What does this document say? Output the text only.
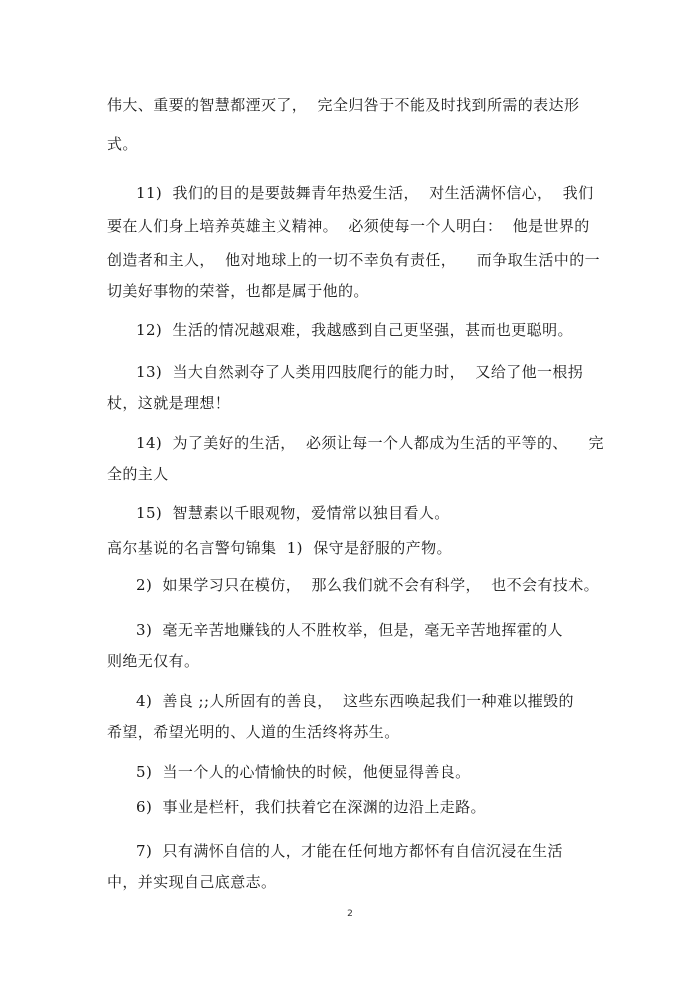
伟大、重要的智慧都湮灭了，  完全归咎于不能及时找到所需的表达形
式。
11)  我们的目的是要鼓舞青年热爱生活，  对生活满怀信心，  我们
要在人们身上培养英雄主义精神。  必须使每一个人明白：  他是世界的
创造者和主人，  他对地球上的一切不幸负有责任，    而争取生活中的一
切美好事物的荣誉，也都是属于他的。
12)  生活的情况越艰难，我越感到自己更坚强，甚而也更聪明。
13)  当大自然剥夺了人类用四肢爬行的能力时，  又给了他一根拐
杖，这就是理想！
14)  为了美好的生活，  必须让每一个人都成为生活的平等的、    完
全的主人
15)  智慧素以千眼观物，爱情常以独目看人。
高尔基说的名言警句锦集  1)  保守是舒服的产物。
2)  如果学习只在模仿，  那么我们就不会有科学，  也不会有技术。
3)  毫无辛苦地赚钱的人不胜枚举，但是，毫无辛苦地挥霍的人
则绝无仅有。
4)  善良 ;;人所固有的善良，  这些东西唤起我们一种难以摧毁的
希望，希望光明的、人道的生活终将苏生。
5)  当一个人的心情愉快的时候，他便显得善良。
6)  事业是栏杆，我们扶着它在深渊的边沿上走路。
7)  只有满怀自信的人，才能在任何地方都怀有自信沉浸在生活
中，并实现自己底意志。
2
